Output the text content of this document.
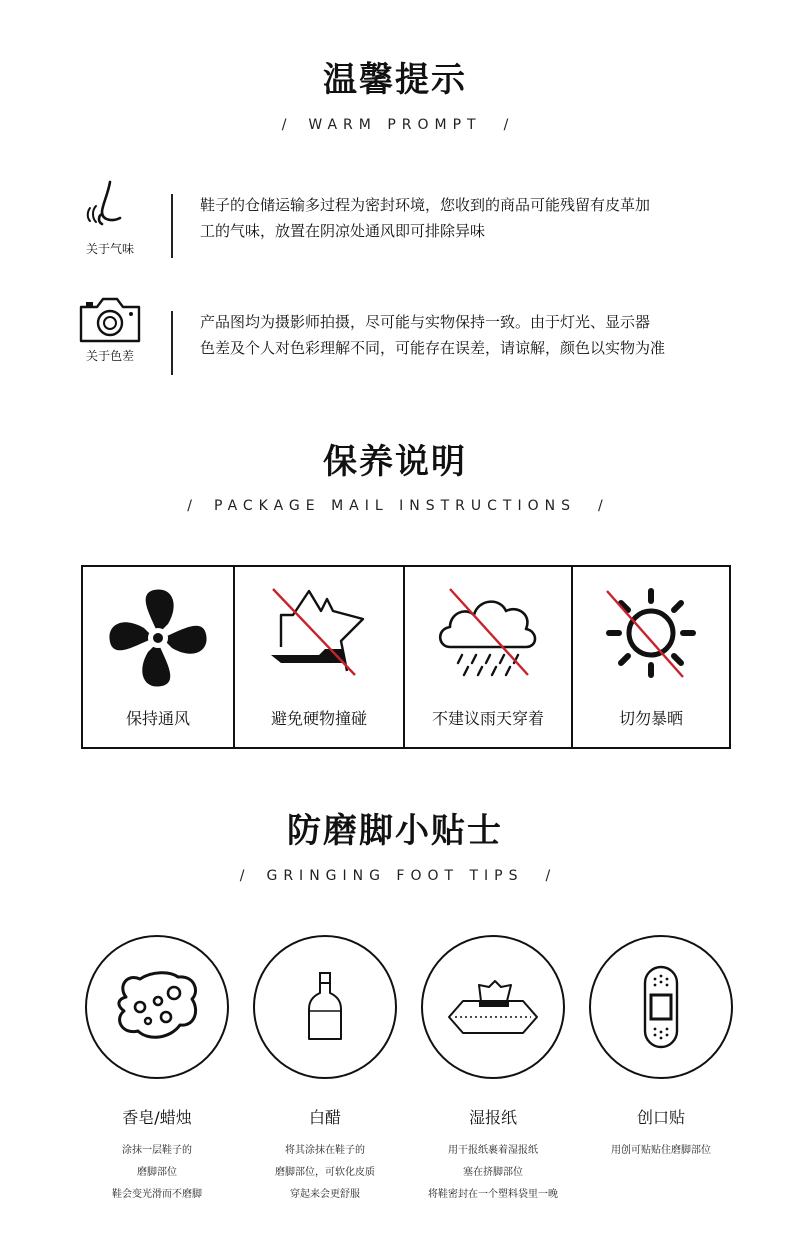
温馨提示
/ WARM PROMPT /
关于气味
鞋子的仓储运输多过程为密封环境，您收到的商品可能残留有皮革加
工的气味，放置在阴凉处通风即可排除异味
关于色差
产品图均为摄影师拍摄，尽可能与实物保持一致。由于灯光、显示器
色差及个人对色彩理解不同，可能存在误差，请谅解，颜色以实物为准
保养说明
/ PACKAGE MAIL INSTRUCTIONS /
保持通风	避免硬物撞碰	不建议雨天穿着	切勿暴晒
防磨脚小贴士
/ GRINGING FOOT TIPS /
香皂/蜡烛
涂抹一层鞋子的
磨脚部位
鞋会变光滑而不磨脚
白醋
将其涂抹在鞋子的
磨脚部位，可软化皮质
穿起来会更舒服
湿报纸
用干报纸裹着湿报纸
塞在挤脚部位
将鞋密封在一个塑料袋里一晚
创口贴
用创可贴贴住磨脚部位
